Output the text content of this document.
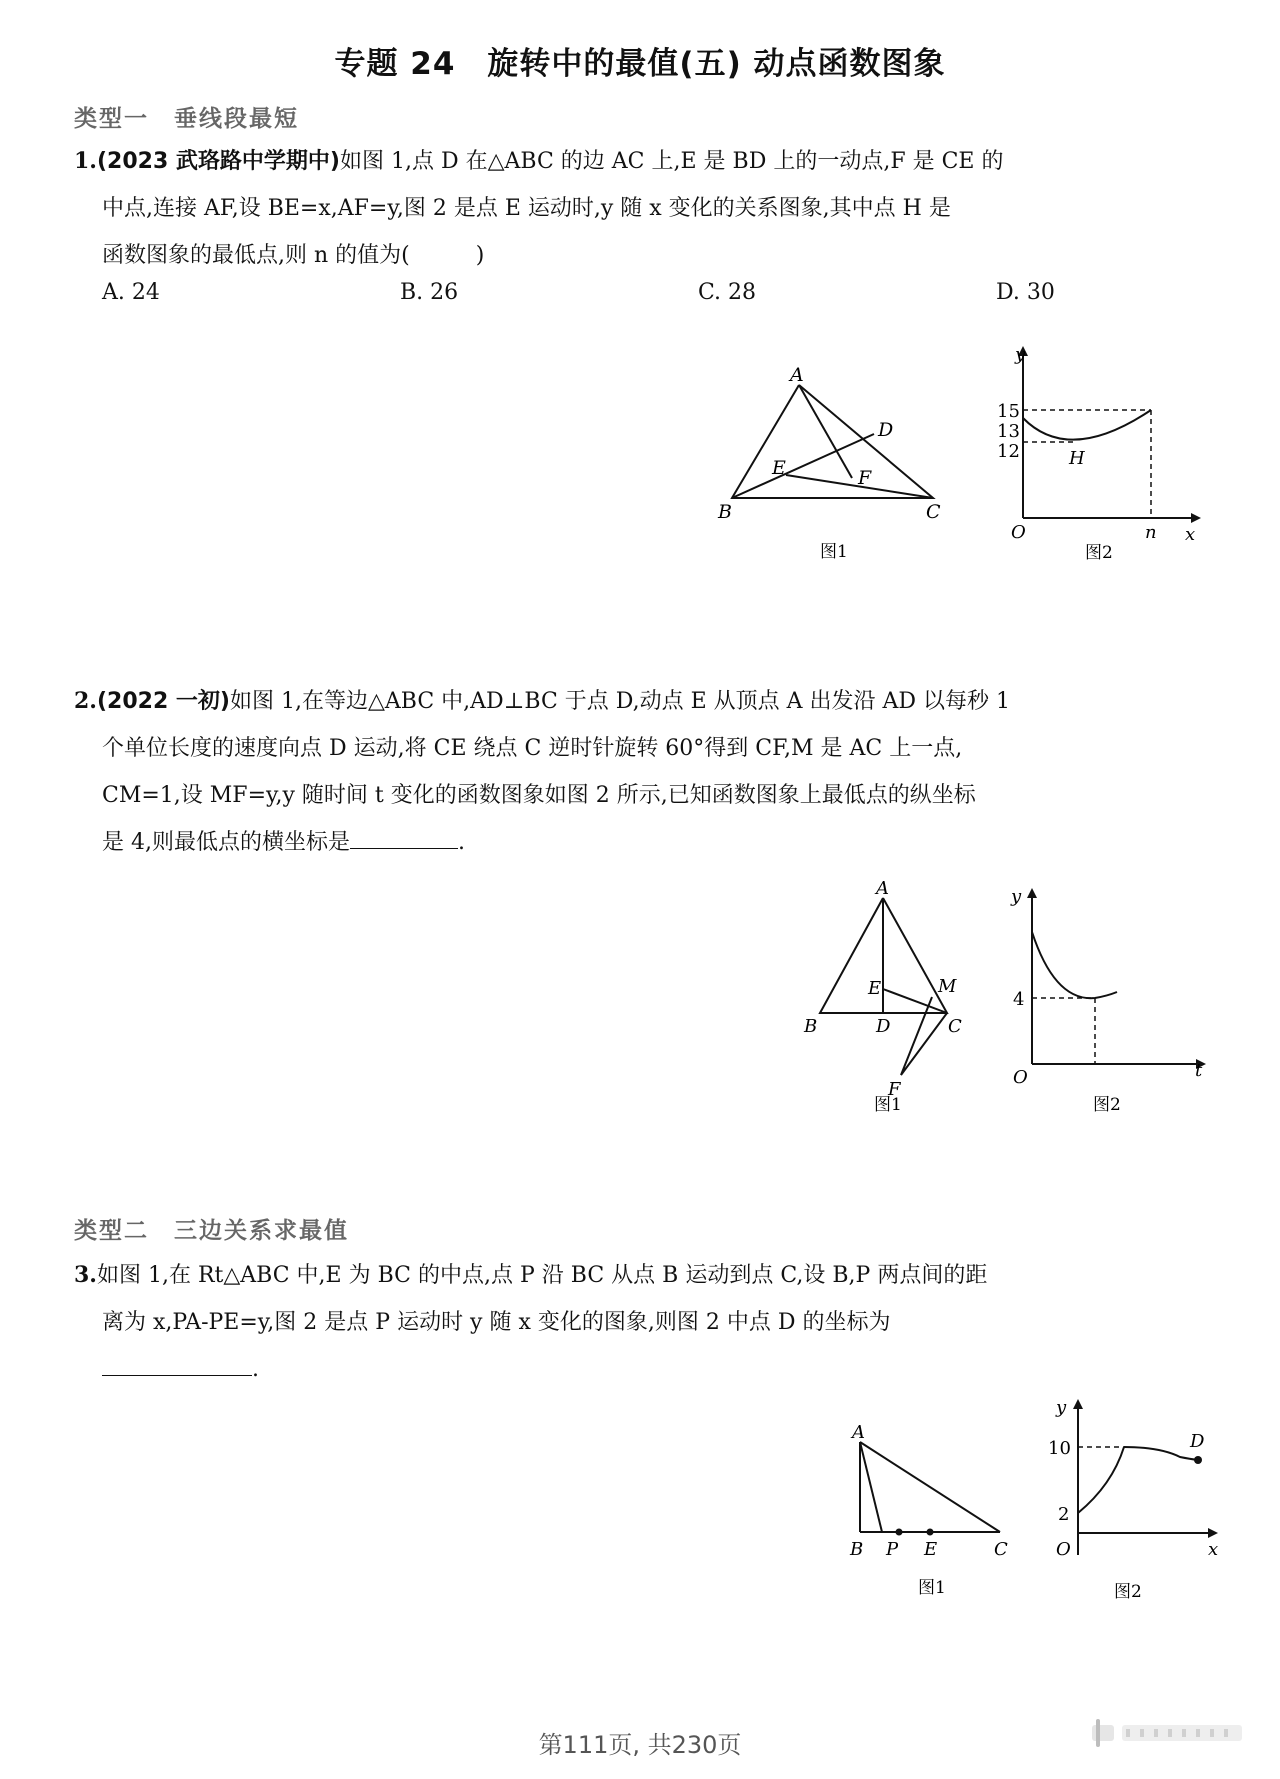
专题 24　旋转中的最值(五) 动点函数图象
类型一　垂线段最短
1.(2023 武珞路中学期中)如图 1,点 D 在△ABC 的边 AC 上,E 是 BD 上的一动点,F 是 CE 的
中点,连接 AF,设 BE=x,AF=y,图 2 是点 E 运动时,y 随 x 变化的关系图象,其中点 H 是
函数图象的最低点,则 n 的值为(　　　)
A. 24	B. 26	C. 28	D. 30
A
B	C
D
E	F
图1
y
x
O	n
H
15
13
12
图2
2.(2022 一初)如图 1,在等边△ABC 中,AD⊥BC 于点 D,动点 E 从顶点 A 出发沿 AD 以每秒 1
个单位长度的速度向点 D 运动,将 CE 绕点 C 逆时针旋转 60°得到 CF,M 是 AC 上一点,
CM=1,设 MF=y,y 随时间 t 变化的函数图象如图 2 所示,已知函数图象上最低点的纵坐标
是 4,则最低点的横坐标是	.
A
B	C
D
E
F
M
图1
y
t
O
4
图2
类型二　三边关系求最值
3.如图 1,在 Rt△ABC 中,E 为 BC 的中点,点 P 沿 BC 从点 B 运动到点 C,设 B,P 两点间的距
离为 x,PA-PE=y,图 2 是点 P 运动时 y 随 x 变化的图象,则图 2 中点 D 的坐标为
.
A
B	C
P E
图1
y
x
O
D
10
2
图2
第111页, 共230页
